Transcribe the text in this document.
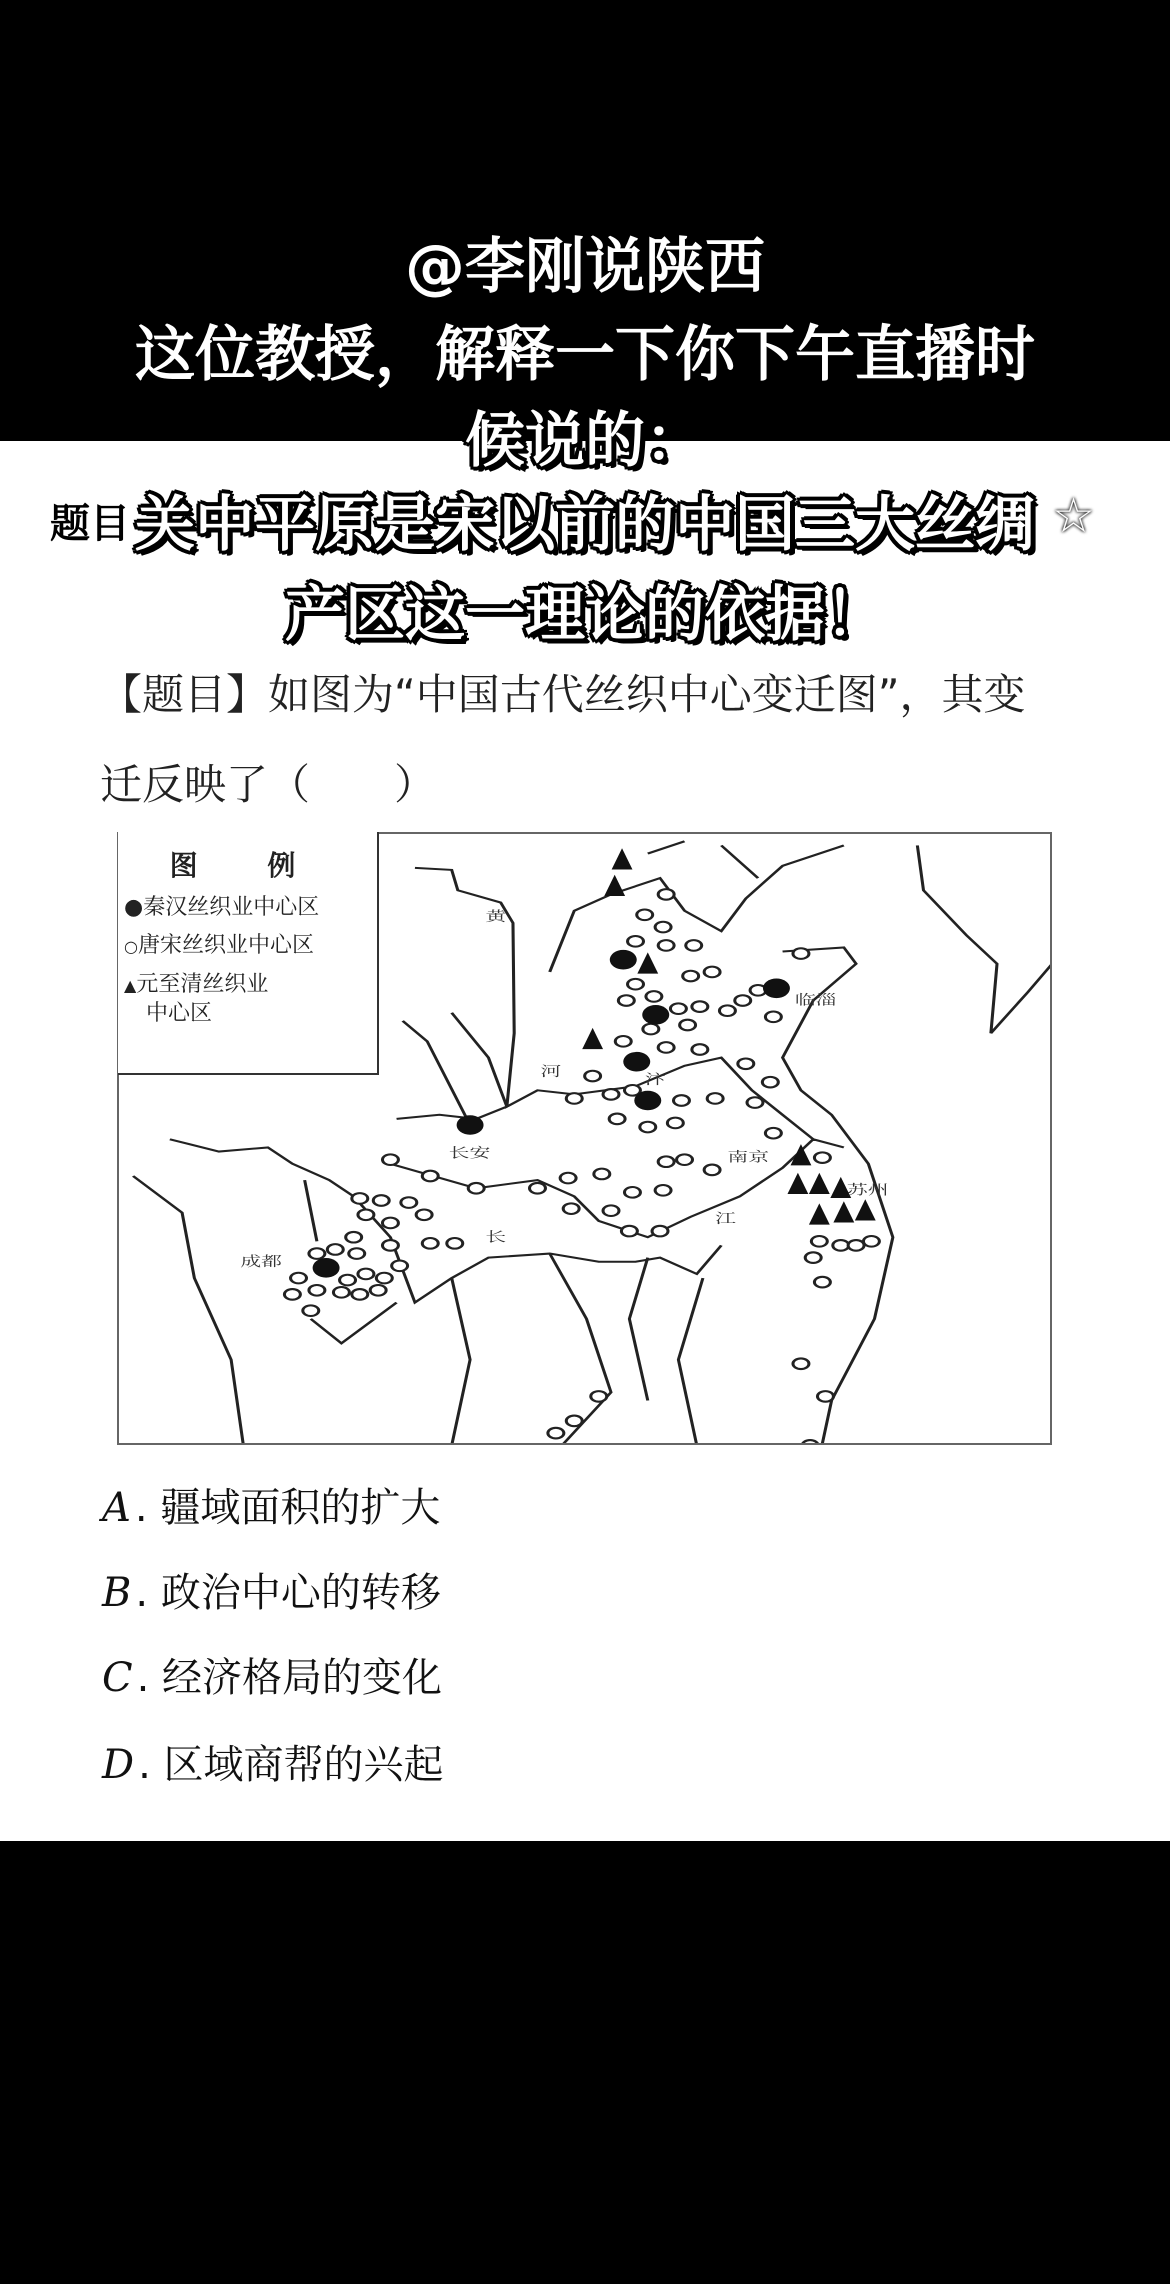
题目	☆
@李刚说陕西
这位教授，解释一下你下午直播时
候说的：
关中平原是宋以前的中国三大丝绸
产区这一理论的依据！
【题目】如图为“中国古代丝织中心变迁图”，其变
迁反映了（　　）
黄
河
汴
临淄
长安	南京
苏州
江
长
成都
图 例
●秦汉丝织业中心区
○唐宋丝织业中心区
▲元至清丝织业
中心区
A . 疆域面积的扩大
B . 政治中心的转移
C . 经济格局的变化
D . 区域商帮的兴起
